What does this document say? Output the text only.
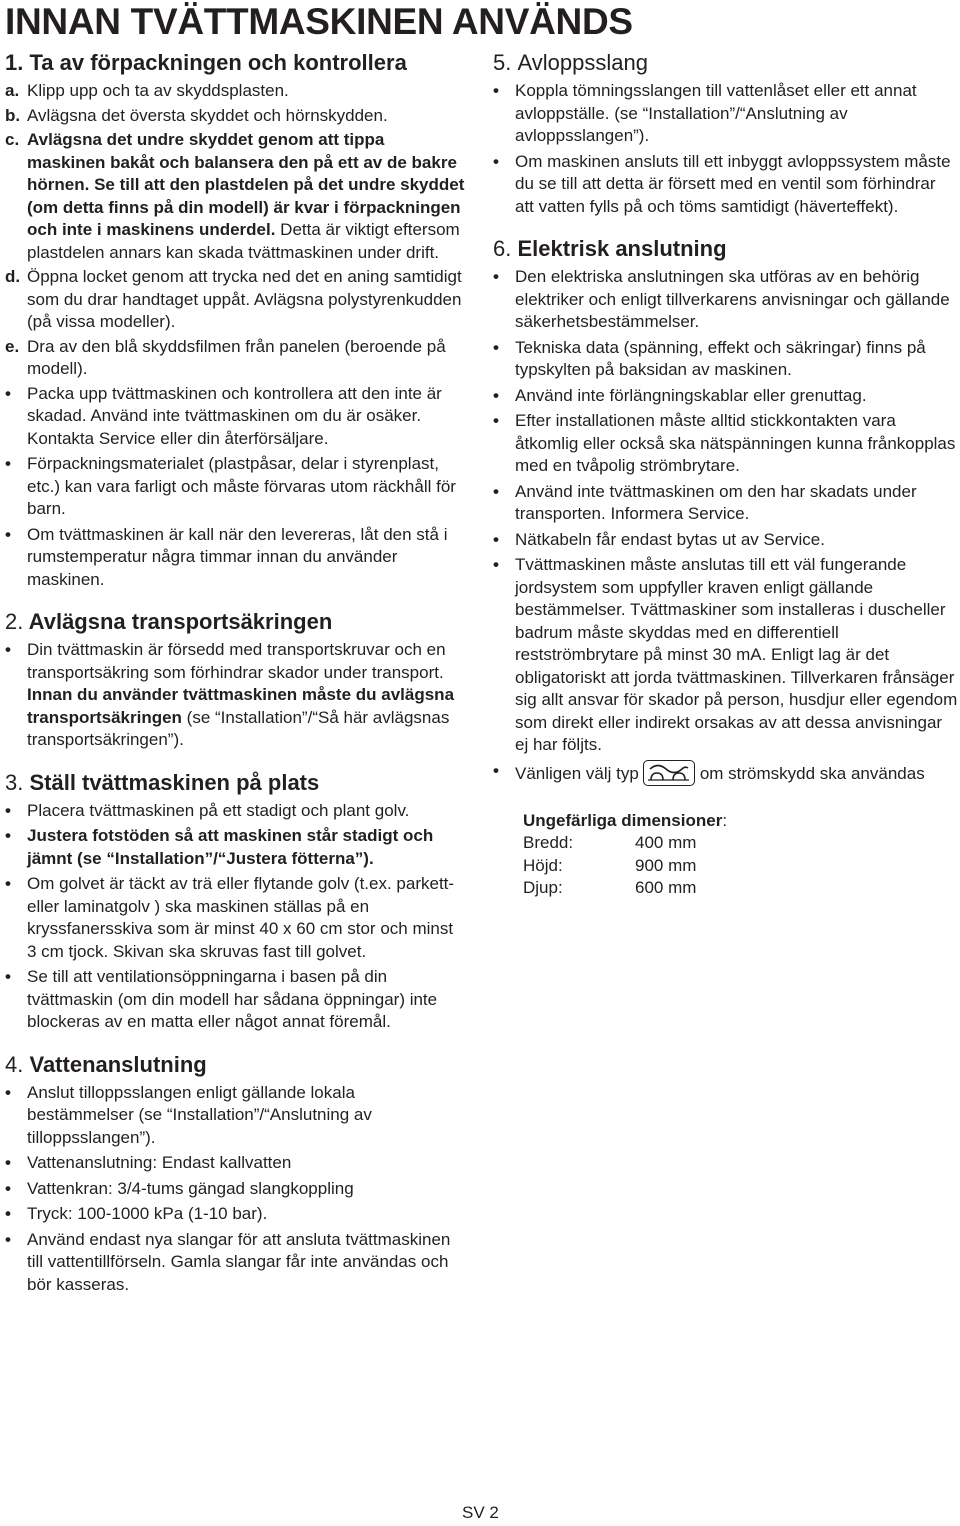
INNAN TVÄTTMASKINEN ANVÄNDS
1. Ta av förpackningen och kontrollera
a. Klipp upp och ta av skyddsplasten.
b. Avlägsna det översta skyddet och hörnskydden.
c. Avlägsna det undre skyddet genom att tippa maskinen bakåt och balansera den på ett av de bakre hörnen. Se till att den plastdelen på det undre skyddet (om detta finns på din modell) är kvar i förpackningen och inte i maskinens underdel. Detta är viktigt eftersom plastdelen annars kan skada tvättmaskinen under drift.
d. Öppna locket genom att trycka ned det en aning samtidigt som du drar handtaget uppåt. Avlägsna polystyrenkudden (på vissa modeller).
e. Dra av den blå skyddsfilmen från panelen (beroende på modell).
• Packa upp tvättmaskinen och kontrollera att den inte är skadad. Använd inte tvättmaskinen om du är osäker. Kontakta Service eller din återförsäljare.
• Förpackningsmaterialet (plastpåsar, delar i styrenplast, etc.) kan vara farligt och måste förvaras utom räckhåll för barn.
• Om tvättmaskinen är kall när den levereras, låt den stå i rumstemperatur några timmar innan du använder maskinen.
2. Avlägsna transportsäkringen
• Din tvättmaskin är försedd med transportskruvar och en transportsäkring som förhindrar skador under transport. Innan du använder tvättmaskinen måste du avlägsna transportsäkringen (se “Installation”/“Så här avlägsnas transportsäkringen”).
3. Ställ tvättmaskinen på plats
• Placera tvättmaskinen på ett stadigt och plant golv.
• Justera fotstöden så att maskinen står stadigt och jämnt (se “Installation”/“Justera fötterna”).
• Om golvet är täckt av trä eller flytande golv (t.ex. parkett- eller laminatgolv ) ska maskinen ställas på en kryssfanersskiva som är minst 40 x 60 cm stor och minst 3 cm tjock. Skivan ska skruvas fast till golvet.
• Se till att ventilationsöppningarna i basen på din tvättmaskin (om din modell har sådana öppningar) inte blockeras av en matta eller något annat föremål.
4. Vattenanslutning
• Anslut tilloppsslangen enligt gällande lokala bestämmelser (se “Installation”/“Anslutning av tilloppsslangen”).
• Vattenanslutning: Endast kallvatten
• Vattenkran: 3/4-tums gängad slangkoppling
• Tryck: 100-1000 kPa (1-10 bar).
• Använd endast nya slangar för att ansluta tvättmaskinen till vattentillförseln. Gamla slangar får inte användas och bör kasseras.
5. Avloppsslang
• Koppla tömningsslangen till vattenlåset eller ett annat avloppställe. (se “Installation”/“Anslutning av avloppsslangen”).
• Om maskinen ansluts till ett inbyggt avloppssystem måste du se till att detta är försett med en ventil som förhindrar att vatten fylls på och töms samtidigt (häverteffekt).
6. Elektrisk anslutning
• Den elektriska anslutningen ska utföras av en behörig elektriker och enligt tillverkarens anvisningar och gällande säkerhetsbestämmelser.
• Tekniska data (spänning, effekt och säkringar) finns på typskylten på baksidan av maskinen.
• Använd inte förlängningskablar eller grenuttag.
• Efter installationen måste alltid stickkontakten vara åtkomlig eller också ska nätspänningen kunna frånkopplas med en tvåpolig strömbrytare.
• Använd inte tvättmaskinen om den har skadats under transporten. Informera Service.
• Nätkabeln får endast bytas ut av Service.
• Tvättmaskinen måste anslutas till ett väl fungerande jordsystem som uppfyller kraven enligt gällande bestämmelser. Tvättmaskiner som installeras i duscheller badrum måste skyddas med en differentiell restströmbrytare på minst 30 mA. Enligt lag är det obligatoriskt att jorda tvättmaskinen. Tillverkaren frånsäger sig allt ansvar för skador på person, husdjur eller egendom som direkt eller indirekt orsakas av att dessa anvisningar ej har följts.
• Vänligen välj typ	om strömskydd ska användas
Ungefärliga dimensioner:
Bredd:	400 mm
Höjd:	900 mm
Djup:	600 mm
SV 2
